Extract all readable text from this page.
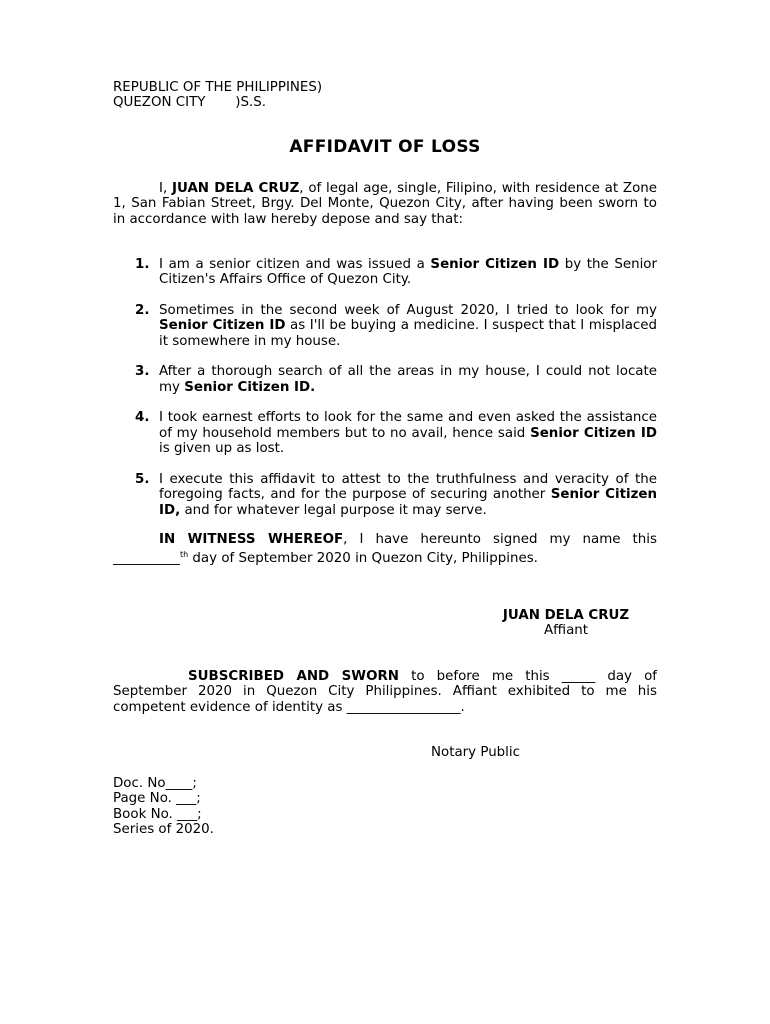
REPUBLIC OF THE PHILIPPINES)
QUEZON CITY       )S.S.
AFFIDAVIT OF LOSS
I, JUAN DELA CRUZ, of legal age, single, Filipino, with residence at Zone 1, San Fabian Street, Brgy. Del Monte, Quezon City, after having been sworn to in accordance with law hereby depose and say that:
1. I am a senior citizen and was issued a Senior Citizen ID by the Senior Citizen's Affairs Office of Quezon City.
2. Sometimes in the second week of August 2020, I tried to look for my Senior Citizen ID as I'll be buying a medicine. I suspect that I misplaced it somewhere in my house.
3. After a thorough search of all the areas in my house, I could not locate my Senior Citizen ID.
4. I took earnest efforts to look for the same and even asked the assistance of my household members but to no avail, hence said Senior Citizen ID is given up as lost.
5. I execute this affidavit to attest to the truthfulness and veracity of the foregoing facts, and for the purpose of securing another Senior Citizen ID, and for whatever legal purpose it may serve.
IN WITNESS WHEREOF, I have hereunto signed my name this __________$^{th}$ day of September 2020 in Quezon City, Philippines.
JUAN DELA CRUZ
Affiant
SUBSCRIBED AND SWORN to before me this _____ day of September 2020 in Quezon City Philippines. Affiant exhibited to me his competent evidence of identity as _________________.
Notary Public
Doc. No____;
Page No. ___;
Book No. ___;
Series of 2020.
